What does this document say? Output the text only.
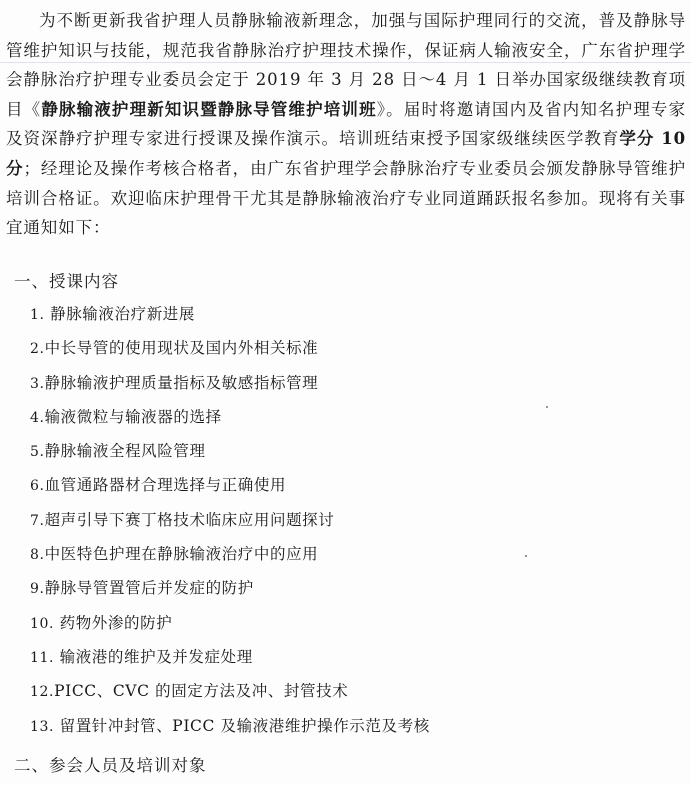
为不断更新我省护理人员静脉输液新理念，加强与国际护理同行的交流，普及静脉导管维护知识与技能，规范我省静脉治疗护理技术操作，保证病人输液安全，广东省护理学会静脉治疗护理专业委员会定于 2019 年 3 月 28 日～4 月 1 日举办国家级继续教育项目《静脉输液护理新知识暨静脉导管维护培训班》。届时将邀请国内及省内知名护理专家及资深静疗护理专家进行授课及操作演示。培训班结束授予国家级继续医学教育学分 10 分；经理论及操作考核合格者，由广东省护理学会静脉治疗专业委员会颁发静脉导管维护培训合格证。欢迎临床护理骨干尤其是静脉输液治疗专业同道踊跃报名参加。现将有关事宜通知如下：

一、授课内容
1. 静脉输液治疗新进展
2.中长导管的使用现状及国内外相关标准
3.静脉输液护理质量指标及敏感指标管理
4.输液微粒与输液器的选择
5.静脉输液全程风险管理
6.血管通路器材合理选择与正确使用
7.超声引导下赛丁格技术临床应用问题探讨
8.中医特色护理在静脉输液治疗中的应用
9.静脉导管置管后并发症的防护
10. 药物外渗的防护
11. 输液港的维护及并发症处理
12.PICC、CVC 的固定方法及冲、封管技术
13. 留置针冲封管、PICC 及输液港维护操作示范及考核
二、参会人员及培训对象
